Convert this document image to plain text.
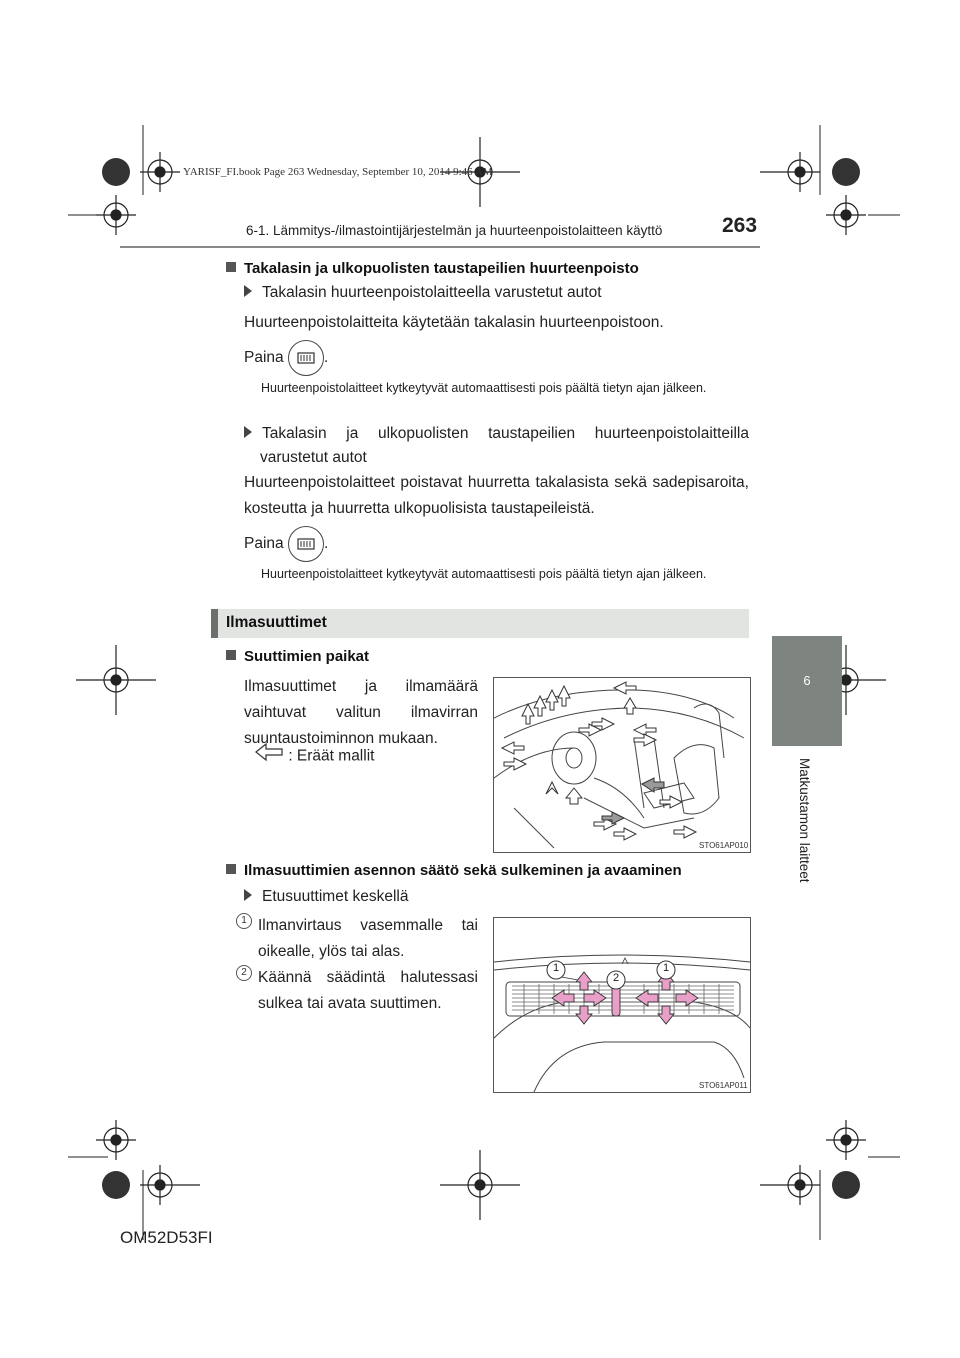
YARISF_FI.book Page 263 Wednesday, September 10, 2014 9:46 AM
6-1. Lämmitys-/ilmastointijärjestelmän ja huurteenpoistolaitteen käyttö	263
6
Matkustamon laitteet
Takalasin ja ulkopuolisten taustapeilien huurteenpoisto
Takalasin huurteenpoistolaitteella varustetut autot
Huurteenpoistolaitteita käytetään takalasin huurteenpoistoon.
Paina	.
Huurteenpoistolaitteet kytkeytyvät automaattisesti pois päältä tietyn ajan jälkeen.
Takalasin ja ulkopuolisten taustapeilien huurteenpoistolaitteilla
varustetut autot
Huurteenpoistolaitteet poistavat huurretta takalasista sekä sadepisaroita, kosteutta ja huurretta ulkopuolisista taustapeileistä.
Paina	.
Huurteenpoistolaitteet kytkeytyvät automaattisesti pois päältä tietyn ajan jälkeen.
Ilmasuuttimet
Suuttimien paikat
Ilmasuuttimet ja ilmamäärä vaihtuvat valitun ilmavirran suuntaustoiminnon mukaan.
: Eräät mallit
STO61AP010
Ilmasuuttimien asennon säätö sekä sulkeminen ja avaaminen
Etusuuttimet keskellä
1 Ilmanvirtaus vasemmalle tai oikealle, ylös tai alas.
2 Käännä säädintä halutessasi sulkea tai avata suuttimen.
1
2
1
STO61AP011
OM52D53FI
